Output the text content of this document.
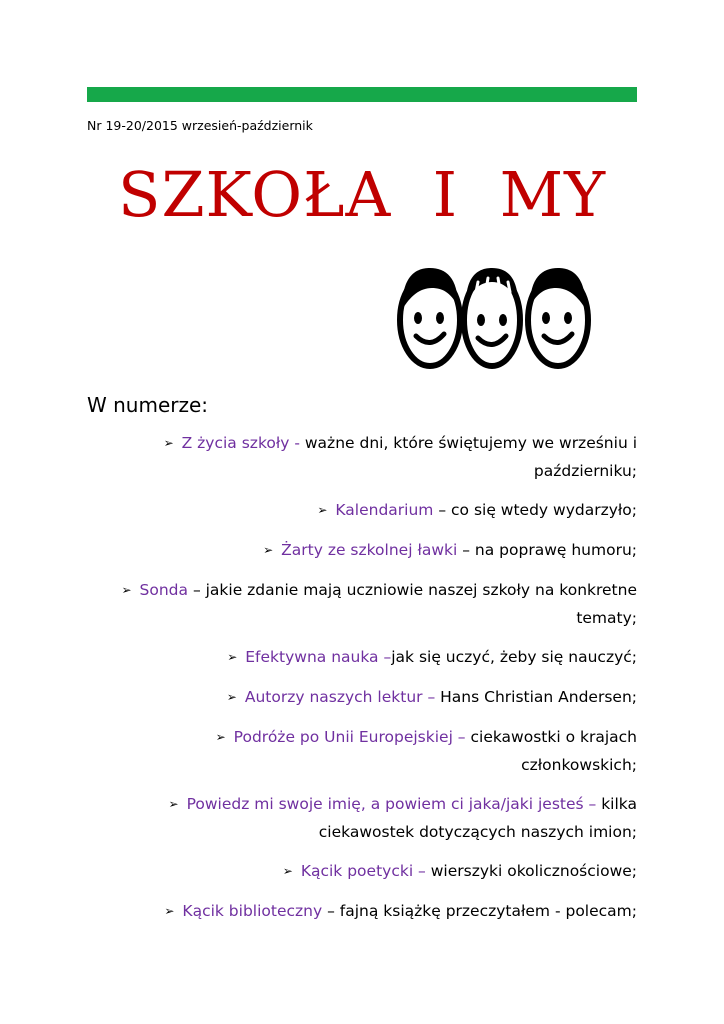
Nr 19-20/2015 wrzesień-październik
SZKOŁA  I  MY
W numerze:
➢ Z życia szkoły - ważne dni, które świętujemy we wrześniu i październiku;
➢ Kalendarium – co się wtedy wydarzyło;
➢ Żarty ze szkolnej ławki – na poprawę humoru;
➢ Sonda – jakie zdanie mają uczniowie naszej szkoły na konkretne tematy;
➢ Efektywna nauka –jak się uczyć, żeby się nauczyć;
➢ Autorzy naszych lektur – Hans Christian Andersen;
➢ Podróże po Unii Europejskiej – ciekawostki o krajach członkowskich;
➢ Powiedz mi swoje imię, a powiem ci jaka/jaki jesteś – kilka ciekawostek dotyczących naszych imion;
➢ Kącik poetycki – wierszyki okolicznościowe;
➢ Kącik biblioteczny – fajną książkę przeczytałem - polecam;
